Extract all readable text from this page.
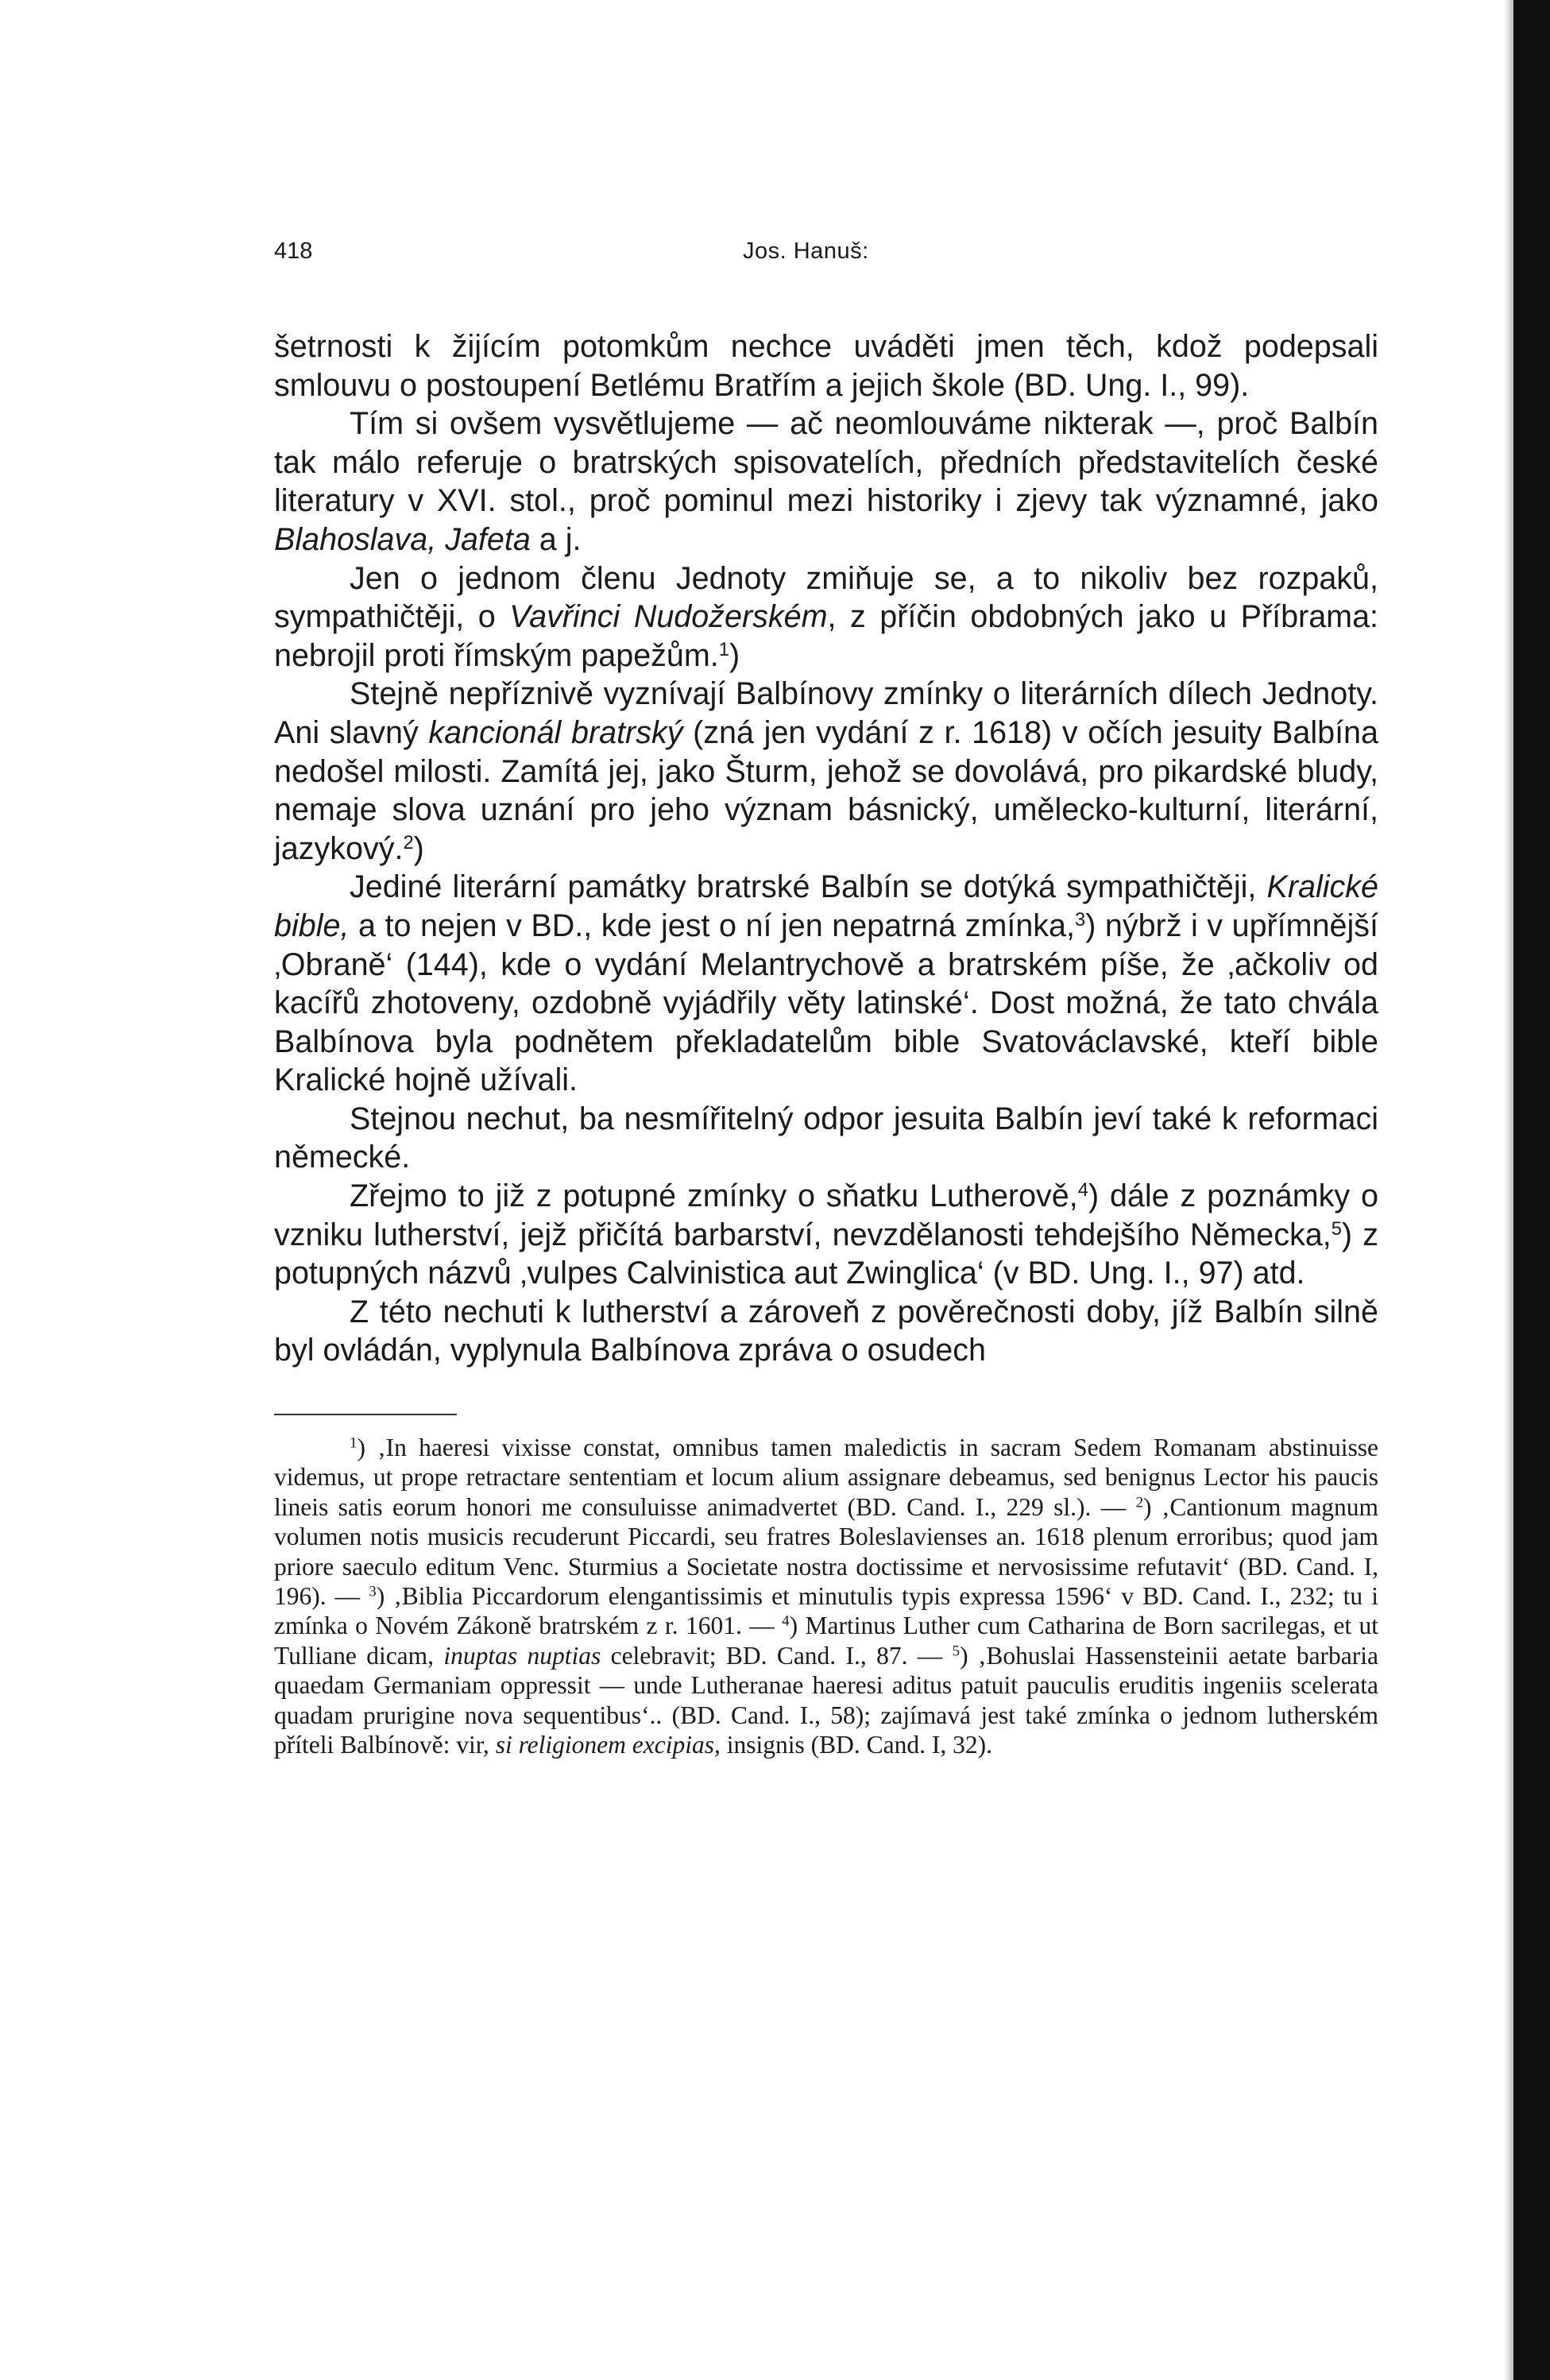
418	Jos. Hanuš:

šetrnosti k žijícím potomkům nechce uváděti jmen těch, kdož podepsali smlouvu o postoupení Betlému Bratřím a jejich škole (BD. Ung. I., 99).

Tím si ovšem vysvětlujeme — ač neomlouváme nikterak —, proč Balbín tak málo referuje o bratrských spisovatelích, předních představitelích české literatury v XVI. stol., proč pominul mezi historiky i zjevy tak významné, jako Blahoslava, Jafeta a j.

Jen o jednom členu Jednoty zmiňuje se, a to nikoliv bez rozpaků, sympathičtěji, o Vavřinci Nudožerském, z příčin obdobných jako u Příbrama: nebrojil proti římským papežům.$^1$)

Stejně nepříznivě vyznívají Balbínovy zmínky o literárních dílech Jednoty. Ani slavný kancionál bratrský (zná jen vydání z r. 1618) v očích jesuity Balbína nedošel milosti. Zamítá jej, jako Šturm, jehož se dovolává, pro pikardské bludy, nemaje slova uznání pro jeho význam básnický, umělecko-kulturní, literární, jazykový.$^2$)

Jediné literární památky bratrské Balbín se dotýká sympathičtěji, Kralické bible, a to nejen v BD., kde jest o ní jen nepatrná zmínka,$^3$) nýbrž i v upřímnější ‚Obraně‘ (144), kde o vydání Melantrychově a bratrském píše, že ‚ačkoliv od kacířů zhotoveny, ozdobně vyjádřily věty latinské‘. Dost možná, že tato chvála Balbínova byla podnětem překladatelům bible Svatováclavské, kteří bible Kralické hojně užívali.

Stejnou nechut, ba nesmířitelný odpor jesuita Balbín jeví také k reformaci německé.

Zřejmo to již z potupné zmínky o sňatku Lutherově,$^4$) dále z poznámky o vzniku lutherství, jejž přičítá barbarství, nevzdělanosti tehdejšího Německa,$^5$) z potupných názvů ‚vulpes Calvinistica aut Zwinglica‘ (v BD. Ung. I., 97) atd.

Z této nechuti k lutherství a zároveň z pověrečnosti doby, jíž Balbín silně byl ovládán, vyplynula Balbínova zpráva o osudech

$^1$) ‚In haeresi vixisse constat, omnibus tamen maledictis in sacram Sedem Romanam abstinuisse videmus, ut prope retractare sententiam et locum alium assignare debeamus, sed benignus Lector his paucis lineis satis eorum honori me consuluisse animadvertet (BD. Cand. I., 229 sl.). — $^2$) ‚Cantionum magnum volumen notis musicis recuderunt Piccardi, seu fratres Boleslavienses an. 1618 plenum erroribus; quod jam priore saeculo editum Venc. Sturmius a Societate nostra doctissime et nervosissime refutavit‘ (BD. Cand. I, 196). — $^3$) ‚Biblia Piccardorum elengantissimis et minutulis typis expressa 1596‘ v BD. Cand. I., 232; tu i zmínka o Novém Zákoně bratrském z r. 1601. — $^4$) Martinus Luther cum Catharina de Born sacrilegas, et ut Tulliane dicam, inuptas nuptias celebravit; BD. Cand. I., 87. — $^5$) ‚Bohuslai Hassensteinii aetate barbaria quaedam Germaniam oppressit — unde Lutheranae haeresi aditus patuit pauculis eruditis ingeniis scelerata quadam prurigine nova sequentibus‘.. (BD. Cand. I., 58); zajímavá jest také zmínka o jednom lutherském příteli Balbínově: vir, si religionem excipias, insignis (BD. Cand. I, 32).
